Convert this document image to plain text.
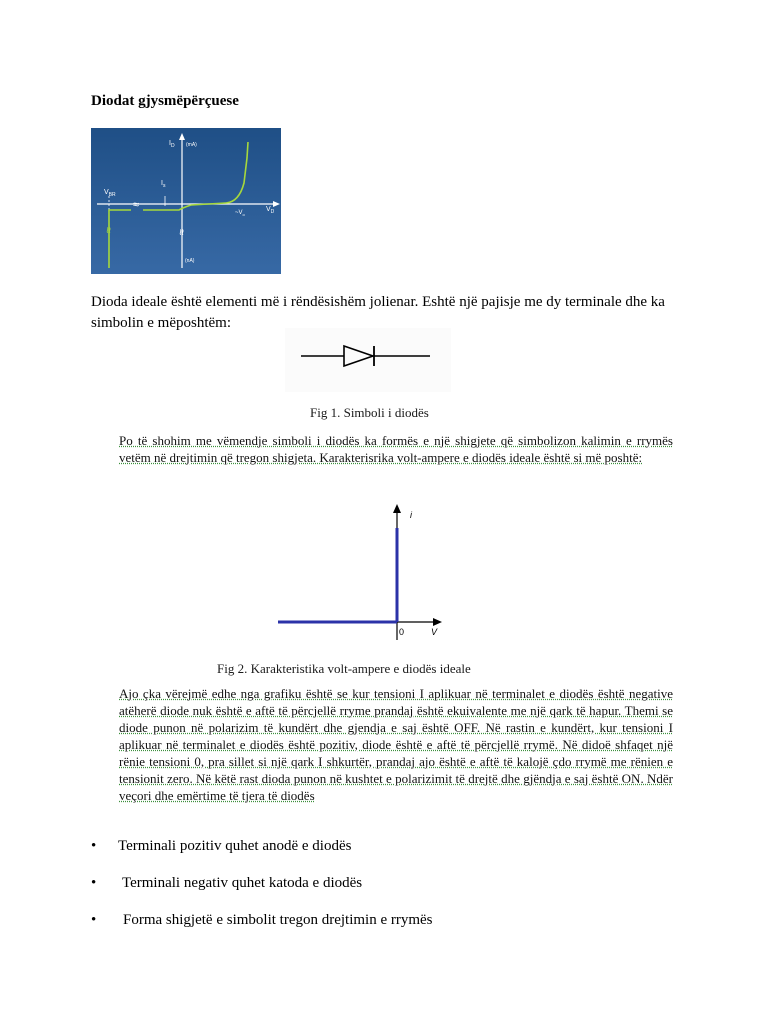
Diodat gjysmëpërçuese
≈
≈
≈
$I_D$ (mA)
$V_{BR}$
$I_s$
$V_D$
$\sim V_o$
(nA)
Dioda ideale është elementi më i rëndësishëm jolienar. Eshtë një pajisje me dy terminale dhe ka simbolin e mëposhtëm:
Fig 1. Simboli i diodës
Po të shohim me vëmendje simboli i diodës ka formës e një shigjete që simbolizon kalimin e rrymës vetëm në drejtimin që tregon shigjeta. Karakterisrika volt-ampere e diodës ideale është si më poshtë:
i
0	V
Fig 2. Karakteristika volt-ampere e diodës ideale
Ajo çka vërejmë edhe nga grafiku është se kur tensioni I aplikuar në terminalet e diodës është negative atëherë diode nuk është e aftë të përcjellë rryme prandaj është ekuivalente me një qark të hapur. Themi se diode punon në polarizim të kundërt dhe gjendja e saj është OFF. Në rastin e kundërt, kur tensioni I aplikuar në terminalet e diodës është pozitiv, diode është e aftë të përcjellë rrymë. Në didoë shfaqet një rënie tensioni 0, pra sillet si një qark I shkurtër, prandaj ajo është e aftë të kalojë çdo rrymë me rënien e tensionit zero. Në këtë rast dioda punon në kushtet e polarizimit të drejtë dhe gjëndja e saj është ON. Ndër veçori dhe emërtime të tjera të diodës
• Terminali pozitiv quhet anodë e diodës
• Terminali negativ quhet katoda e diodës
• Forma shigjetë e simbolit tregon drejtimin e rrymës
